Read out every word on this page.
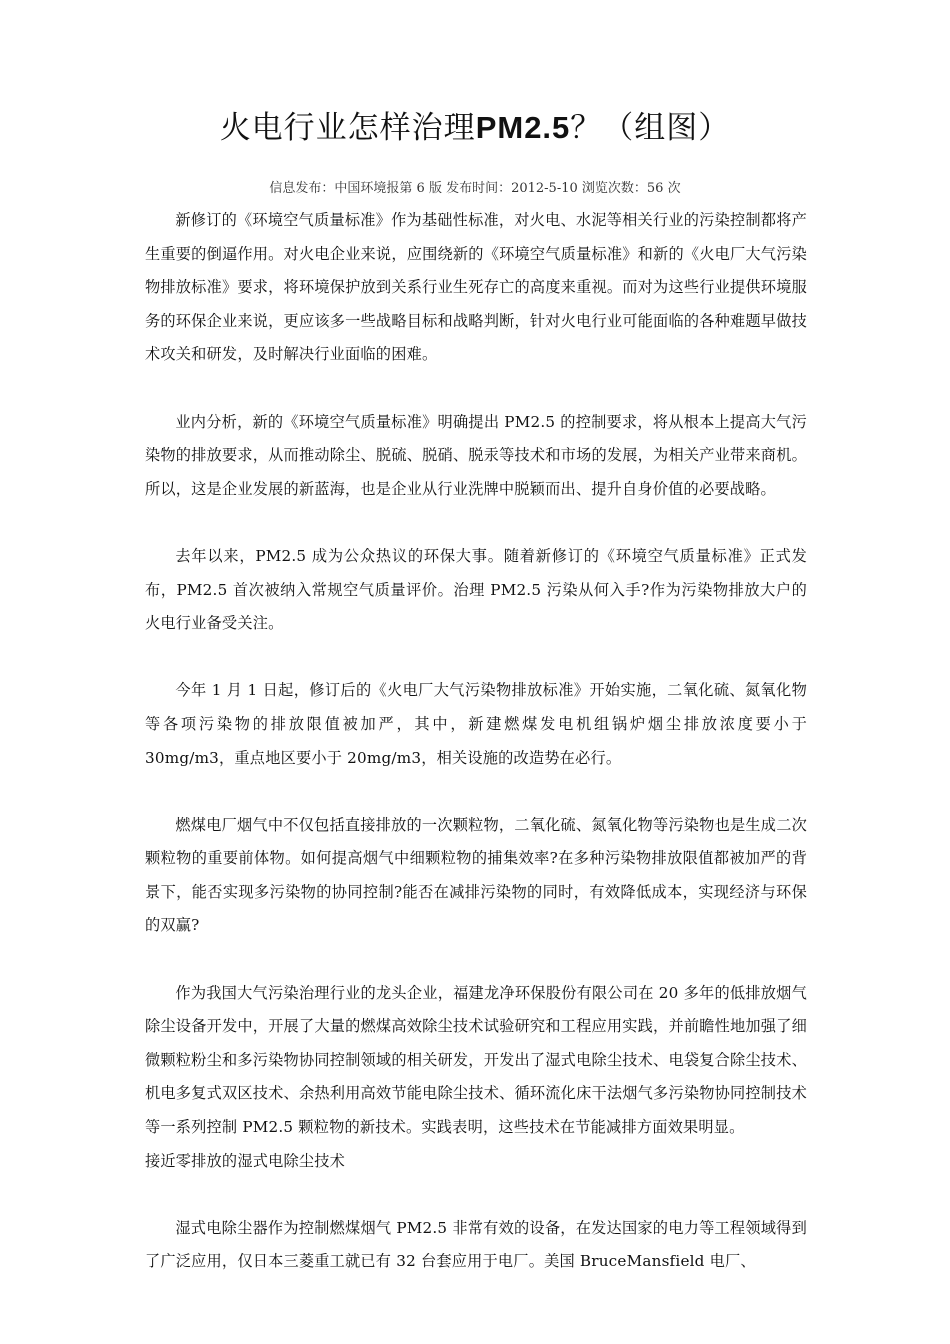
火电行业怎样治理PM2.5？（组图）
信息发布：中国环境报第 6 版 发布时间：2012-5-10 浏览次数：56 次

新修订的《环境空气质量标准》作为基础性标准，对火电、水泥等相关行业的污染控制都将产生重要的倒逼作用。对火电企业来说，应围绕新的《环境空气质量标准》和新的《火电厂大气污染物排放标准》要求，将环境保护放到关系行业生死存亡的高度来重视。而对为这些行业提供环境服务的环保企业来说，更应该多一些战略目标和战略判断，针对火电行业可能面临的各种难题早做技术攻关和研发，及时解决行业面临的困难。

业内分析，新的《环境空气质量标准》明确提出 PM2.5 的控制要求，将从根本上提高大气污染物的排放要求，从而推动除尘、脱硫、脱硝、脱汞等技术和市场的发展，为相关产业带来商机。所以，这是企业发展的新蓝海，也是企业从行业洗牌中脱颖而出、提升自身价值的必要战略。

去年以来，PM2.5 成为公众热议的环保大事。随着新修订的《环境空气质量标准》正式发布，PM2.5 首次被纳入常规空气质量评价。治理 PM2.5 污染从何入手?作为污染物排放大户的火电行业备受关注。

今年 1 月 1 日起，修订后的《火电厂大气污染物排放标准》开始实施，二氧化硫、氮氧化物等各项污染物的排放限值被加严，其中，新建燃煤发电机组锅炉烟尘排放浓度要小于 30mg/m3，重点地区要小于 20mg/m3，相关设施的改造势在必行。

燃煤电厂烟气中不仅包括直接排放的一次颗粒物，二氧化硫、氮氧化物等污染物也是生成二次颗粒物的重要前体物。如何提高烟气中细颗粒物的捕集效率?在多种污染物排放限值都被加严的背景下，能否实现多污染物的协同控制?能否在减排污染物的同时，有效降低成本，实现经济与环保的双赢?

作为我国大气污染治理行业的龙头企业，福建龙净环保股份有限公司在 20 多年的低排放烟气除尘设备开发中，开展了大量的燃煤高效除尘技术试验研究和工程应用实践，并前瞻性地加强了细微颗粒粉尘和多污染物协同控制领域的相关研发，开发出了湿式电除尘技术、电袋复合除尘技术、机电多复式双区技术、余热利用高效节能电除尘技术、循环流化床干法烟气多污染物协同控制技术等一系列控制 PM2.5 颗粒物的新技术。实践表明，这些技术在节能减排方面效果明显。

接近零排放的湿式电除尘技术

湿式电除尘器作为控制燃煤烟气 PM2.5 非常有效的设备，在发达国家的电力等工程领域得到了广泛应用，仅日本三菱重工就已有 32 台套应用于电厂。美国 BruceMansfield 电厂、
